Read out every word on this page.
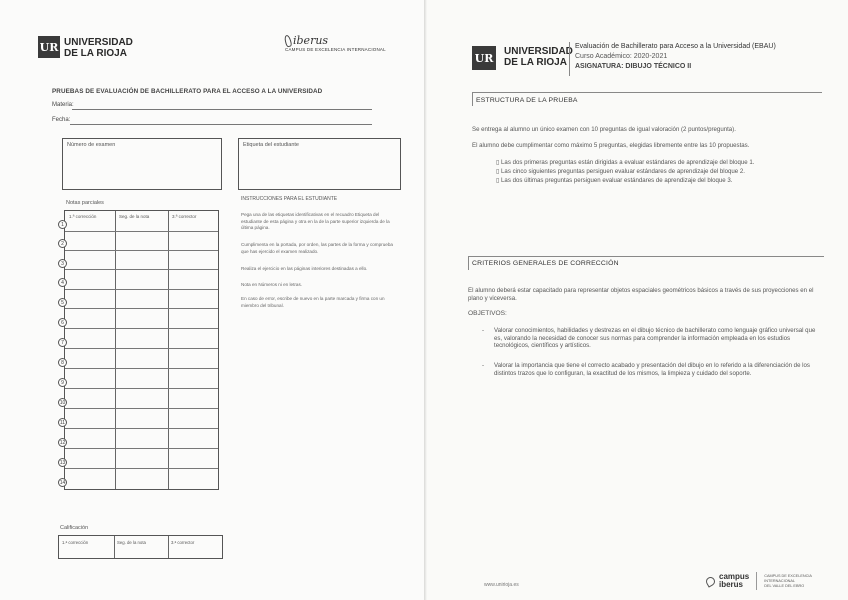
UR UNIVERSIDAD
DE LA RIOJA
iberus
CAMPUS DE EXCELENCIA INTERNACIONAL
PRUEBAS DE EVALUACIÓN DE BACHILLERATO PARA EL ACCESO A LA UNIVERSIDAD
Materia:
Fecha:
Número de examen	Etiqueta del estudiante
Notas parciales
1.ª corrección	Seg. de la nota	3.ª corrector
1
2
3
4
5
6
7
8
9
10
11
12
13
14
INSTRUCCIONES PARA EL ESTUDIANTE
Pega una de las etiquetas identificativas en el recuadro Etiqueta del estudiante de esta página y otra en la de la parte superior izquierda de la última página.
Cumplimenta en la portada, por orden, las partes de la forma y comprueba que has ejercido el examen realizado.
Realiza el ejercicio en las páginas interiores destinadas a ello.
Nota en Números ni en letras.
En caso de error, escribe de nuevo en la parte marcada y firma con un miembro del tribunal.
Calificación
1.ª corrección	Seg. de la nota	3.ª corrector
UR UNIVERSIDAD
DE LA RIOJA
Evaluación de Bachillerato para Acceso a la Universidad (EBAU)
Curso Académico: 2020-2021
ASIGNATURA: DIBUJO TÉCNICO II
ESTRUCTURA DE LA PRUEBA
Se entrega al alumno un único examen con 10 preguntas de igual valoración (2 puntos/pregunta).
El alumno debe cumplimentar como máximo 5 preguntas, elegidas libremente entre las 10 propuestas.
▯ Las dos primeras preguntas están dirigidas a evaluar estándares de aprendizaje del bloque 1.
▯ Las cinco siguientes preguntas persiguen evaluar estándares de aprendizaje del bloque 2.
▯ Las dos últimas preguntas persiguen evaluar estándares de aprendizaje del bloque 3.
CRITERIOS GENERALES DE CORRECCIÓN
El alumno deberá estar capacitado para representar objetos espaciales geométricos básicos a través de sus proyecciones en el plano y viceversa.
OBJETIVOS:
-	Valorar conocimientos, habilidades y destrezas en el dibujo técnico de bachillerato como lenguaje gráfico universal que es, valorando la necesidad de conocer sus normas para comprender la información empleada en los estudios tecnológicos, científicos y artísticos.
-	Valorar la importancia que tiene el correcto acabado y presentación del dibujo en lo referido a la diferenciación de los distintos trazos que lo configuran, la exactitud de los mismos, la limpieza y cuidado del soporte.
www.unirioja.es
campus
iberus
CAMPUS DE EXCELENCIA
INTERNACIONAL
DEL VALLE DEL EBRO
